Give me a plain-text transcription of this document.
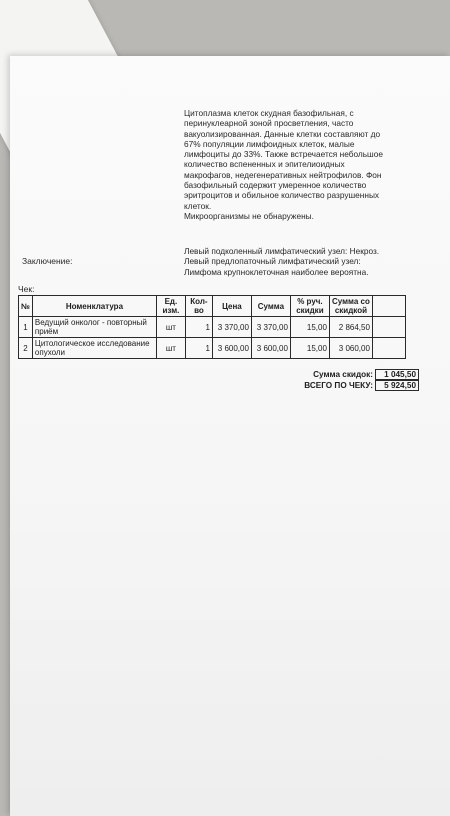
Цитоплазма клеток скудная базофильная, с

перинуклеарной зоной просветления, часто

вакуолизированная. Данные клетки составляют до

67% популяции лимфоидных клеток, малые

лимфоциты до 33%. Также встречается небольшое

количество вспененных и эпителиоидных

макрофагов, недегенеративных нейтрофилов. Фон

базофильный содержит умеренное количество

эритроцитов и обильное количество разрушенных

клеток.

Микроорганизмы не обнаружены.

Заключение:

Левый подколенный лимфатический узел: Некроз.

Левый предлопаточный лимфатический узел:

Лимфома крупноклеточная наиболее вероятна.

Чек:
№	Номенклатура	Ед. изм.	Кол-во	Цена	Сумма	% руч. скидки	Сумма со скидкой	
1	Ведущий онколог - повторный приём	шт	1	3 370,00	3 370,00	15,00	2 864,50	
2	Цитологическое исследование опухоли	шт	1	3 600,00	3 600,00	15,00	3 060,00	
Сумма скидок:	1 045,50
ВСЕГО ПО ЧЕКУ:	5 924,50
